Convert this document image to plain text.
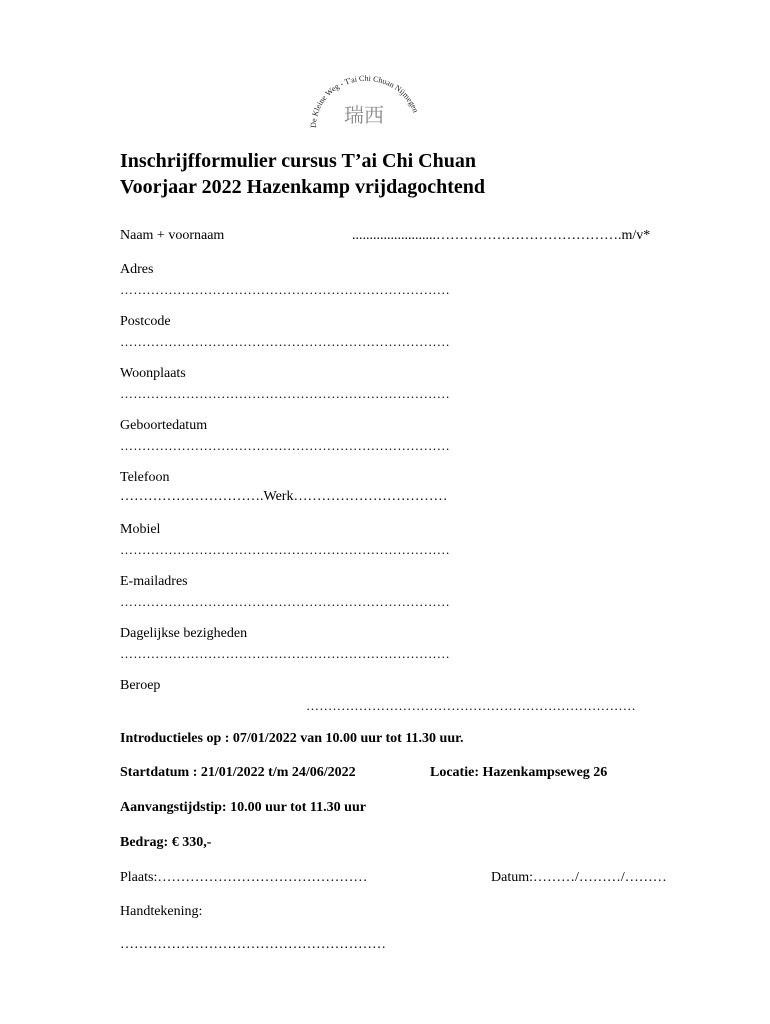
De Kleine Weg - T'ai Chi Chuan Nijmegen
瑞西
Inschrijfformulier cursus T’ai Chi Chuan
Voorjaar 2022 Hazenkamp vrijdagochtend
Naam + voornaam	........................………………………………….m/v*
Adres
…………………………………………………………………
Postcode
…………………………………………………………………
Woonplaats
…………………………………………………………………
Geboortedatum
…………………………………………………………………
Telefoon
………………………….Werk……………………………
Mobiel
…………………………………………………………………
E-mailadres
…………………………………………………………………
Dagelijkse bezigheden
…………………………………………………………………
Beroep
…………………………………………………………………
Introductieles op : 07/01/2022 van 10.00 uur tot 11.30 uur.
Startdatum : 21/01/2022 t/m 24/06/2022	Locatie: Hazenkampseweg 26
Aanvangstijdstip: 10.00 uur tot 11.30 uur
Bedrag: € 330,-
Plaats:………………………………………	Datum:………/………/………
Handtekening:
…………………………………………………
